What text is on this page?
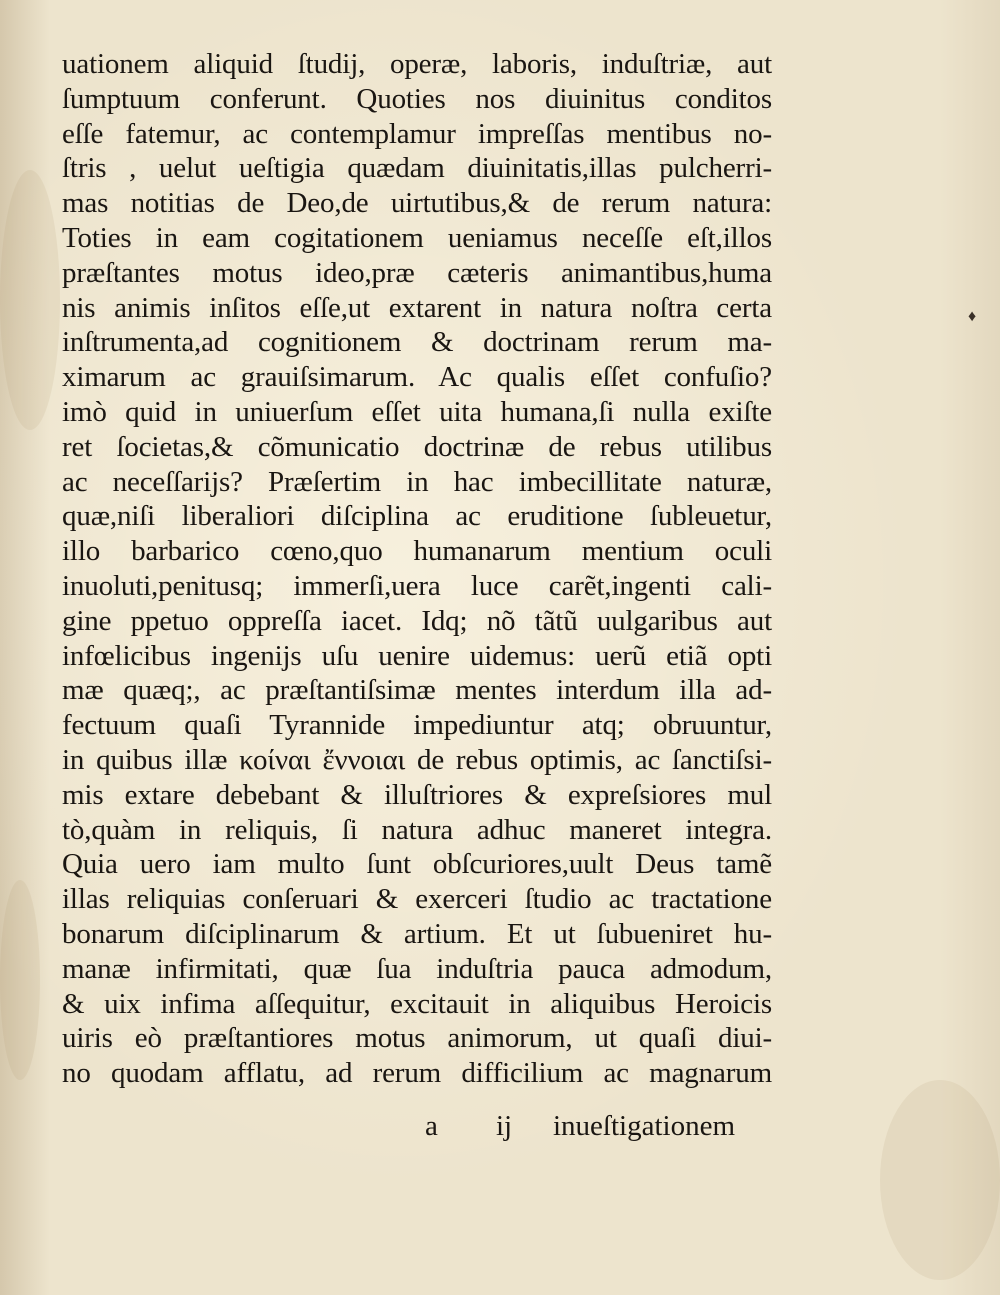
♦
uationem aliquid ſtudij, operæ, laboris, induſtriæ, aut
ſumptuum conferunt. Quoties nos diuinitus conditos
eſſe fatemur, ac contemplamur impreſſas mentibus no-
ſtris , uelut ueſtigia quædam diuinitatis,illas pulcherri-
mas notitias de Deo,de uirtutibus,& de rerum natura:
Toties in eam cogitationem ueniamus neceſſe eſt,illos
præſtantes motus ideo,præ cæteris animantibus,huma
nis animis inſitos eſſe,ut extarent in natura noſtra certa
inſtrumenta,ad cognitionem & doctrinam rerum ma-
ximarum ac grauiſsimarum. Ac qualis eſſet confuſio?
imò quid in uniuerſum eſſet uita humana,ſi nulla exiſte
ret ſocietas,& cõmunicatio doctrinæ de rebus utilibus
ac neceſſarijs? Præſertim in hac imbecillitate naturæ,
quæ,niſi liberaliori diſciplina ac eruditione ſubleuetur,
illo barbarico cœno,quo humanarum mentium oculi
inuoluti,penitusq; immerſi,uera luce carẽt,ingenti cali-
gine ppetuo oppreſſa iacet. Idq; nõ tãtũ uulgaribus aut
infœlicibus ingenijs uſu uenire uidemus: uerũ etiã opti
mæ quæq;, ac præſtantiſsimæ mentes interdum illa ad-
fectuum quaſi Tyrannide impediuntur atq; obruuntur,
in quibus illæ κοίναι ἔννοιαι de rebus optimis, ac ſanctiſsi-
mis extare debebant & illuſtriores & expreſsiores mul
tò,quàm in reliquis, ſi natura adhuc maneret integra.
Quia uero iam multo ſunt obſcuriores,uult Deus tamẽ
illas reliquias conſeruari & exerceri ſtudio ac tractatione
bonarum diſciplinarum & artium. Et ut ſubueniret hu-
manæ infirmitati, quæ ſua induſtria pauca admodum,
& uix infima aſſequitur, excitauit in aliquibus Heroicis
uiris eò præſtantiores motus animorum, ut quaſi diui-
no quodam afflatu, ad rerum difficilium ac magnarum
a ij inueſtigationem
